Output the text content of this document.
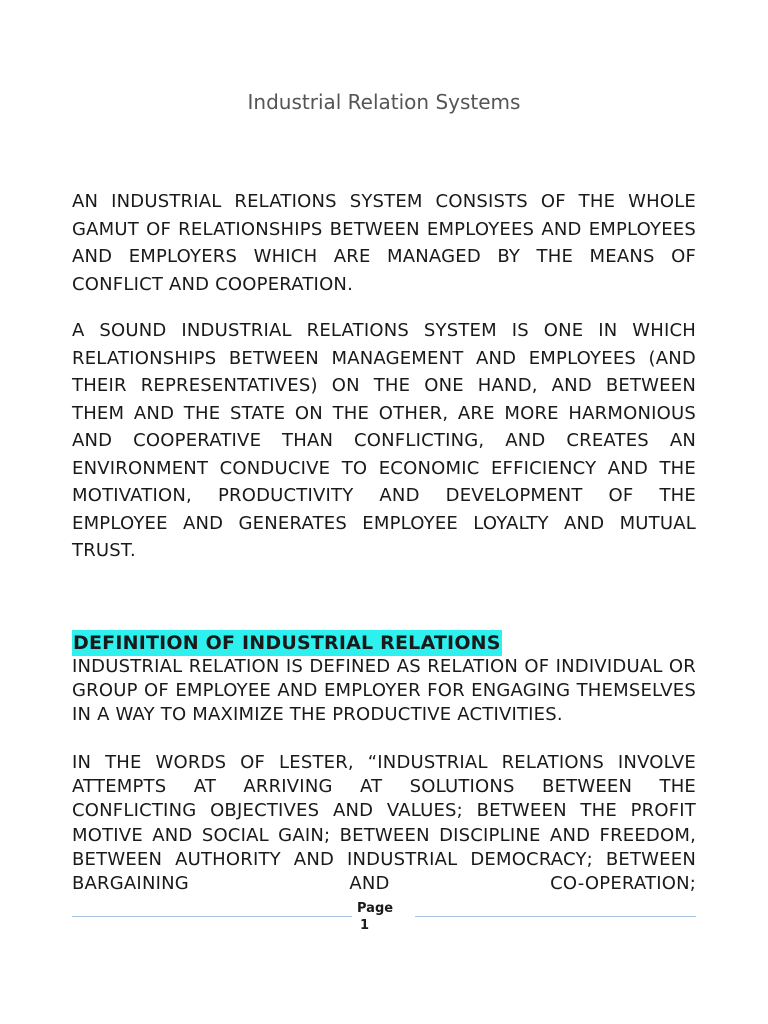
Industrial Relation Systems

AN INDUSTRIAL RELATIONS SYSTEM CONSISTS OF THE WHOLE GAMUT OF RELATIONSHIPS BETWEEN EMPLOYEES AND EMPLOYEES AND EMPLOYERS WHICH ARE MANAGED BY THE MEANS OF CONFLICT AND COOPERATION.

A SOUND INDUSTRIAL RELATIONS SYSTEM IS ONE IN WHICH RELATIONSHIPS BETWEEN MANAGEMENT AND EMPLOYEES (AND THEIR REPRESENTATIVES) ON THE ONE HAND, AND BETWEEN THEM AND THE STATE ON THE OTHER, ARE MORE HARMONIOUS AND COOPERATIVE THAN CONFLICTING, AND CREATES AN ENVIRONMENT CONDUCIVE TO ECONOMIC EFFICIENCY AND THE MOTIVATION, PRODUCTIVITY AND DEVELOPMENT OF THE EMPLOYEE AND GENERATES EMPLOYEE LOYALTY AND MUTUAL TRUST.

DEFINITION OF INDUSTRIAL RELATIONS

INDUSTRIAL RELATION IS DEFINED AS RELATION OF INDIVIDUAL OR GROUP OF EMPLOYEE AND EMPLOYER FOR ENGAGING THEMSELVES IN A WAY TO MAXIMIZE THE PRODUCTIVE ACTIVITIES.

IN THE WORDS OF LESTER, “INDUSTRIAL RELATIONS INVOLVE ATTEMPTS AT ARRIVING AT SOLUTIONS BETWEEN THE CONFLICTING OBJECTIVES AND VALUES; BETWEEN THE PROFIT MOTIVE AND SOCIAL GAIN; BETWEEN DISCIPLINE AND FREEDOM, BETWEEN AUTHORITY AND INDUSTRIAL DEMOCRACY; BETWEEN BARGAINING AND CO-OPERATION;

Page
1
